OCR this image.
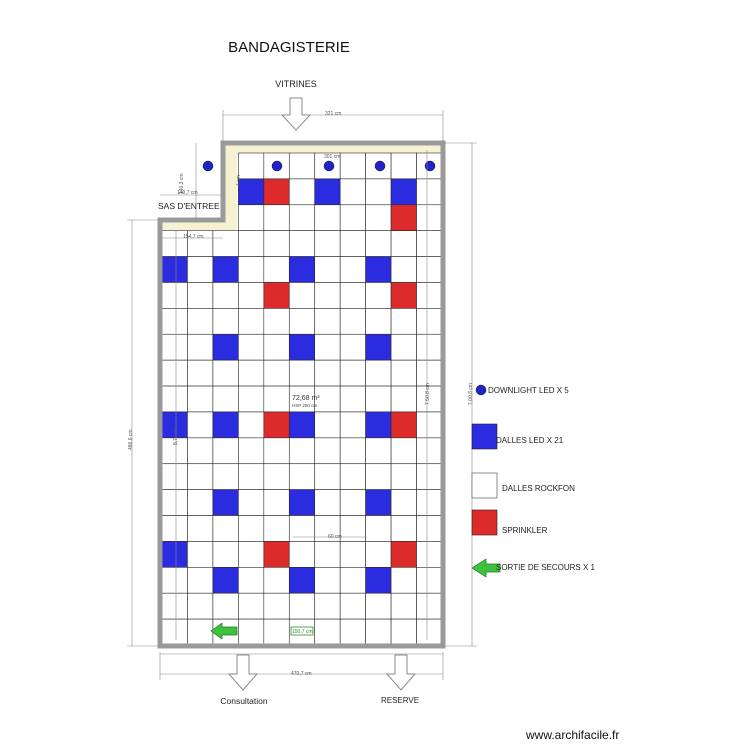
BANDAGISTERIE
VITRINES
SAS D'ENTREE
Consultation	RESERVE
72,68 m²
HSP 250 cm
321 cm
301 cm
149,7 cm
140,3 cm
154,7 cm
486,6 cm
7,00,8 cm
7,50,8 cm
8,71 cm
4 cm
60 cm
470,7 cm
150,7 cm
DOWNLIGHT LED X 5
DALLES LED X 21
DALLES ROCKFON
SPRINKLER
SORTIE DE SECOURS X 1
www.archifacile.fr
